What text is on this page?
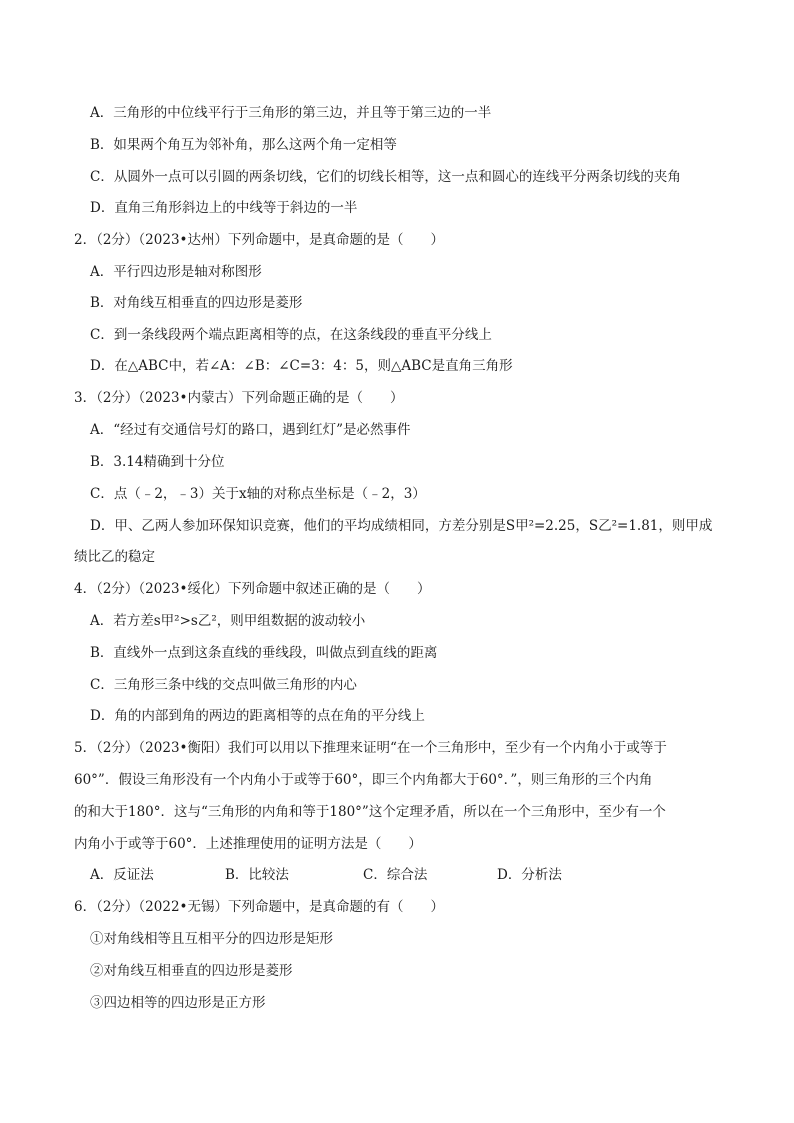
A．三角形的中位线平行于三角形的第三边，并且等于第三边的一半
B．如果两个角互为邻补角，那么这两个角一定相等
C．从圆外一点可以引圆的两条切线，它们的切线长相等，这一点和圆心的连线平分两条切线的夹角
D．直角三角形斜边上的中线等于斜边的一半
2．（2分）（2023•达州）下列命题中，是真命题的是（　　）
A．平行四边形是轴对称图形
B．对角线互相垂直的四边形是菱形
C．到一条线段两个端点距离相等的点，在这条线段的垂直平分线上
D．在△ABC中，若∠A：∠B：∠C=3：4：5，则△ABC是直角三角形
3．（2分）（2023•内蒙古）下列命题正确的是（　　）
A．“经过有交通信号灯的路口，遇到红灯”是必然事件
B．3.14精确到十分位
C．点（﹣2，﹣3）关于x轴的对称点坐标是（﹣2，3）
D．甲、乙两人参加环保知识竞赛，他们的平均成绩相同，方差分别是S甲²=2.25，S乙²=1.81，则甲成
绩比乙的稳定
4．（2分）（2023•绥化）下列命题中叙述正确的是（　　）
A．若方差s甲²>s乙²，则甲组数据的波动较小
B．直线外一点到这条直线的垂线段，叫做点到直线的距离
C．三角形三条中线的交点叫做三角形的内心
D．角的内部到角的两边的距离相等的点在角的平分线上
5．（2分）（2023•衡阳）我们可以用以下推理来证明“在一个三角形中，至少有一个内角小于或等于
60°”．假设三角形没有一个内角小于或等于60°，即三个内角都大于60°．”，则三角形的三个内角
的和大于180°．这与“三角形的内角和等于180°”这个定理矛盾，所以在一个三角形中，至少有一个
内角小于或等于60°．上述推理使用的证明方法是（　　）
A．反证法	B．比较法	C．综合法	D．分析法
6．（2分）（2022•无锡）下列命题中，是真命题的有（　　）
①对角线相等且互相平分的四边形是矩形
②对角线互相垂直的四边形是菱形
③四边相等的四边形是正方形
